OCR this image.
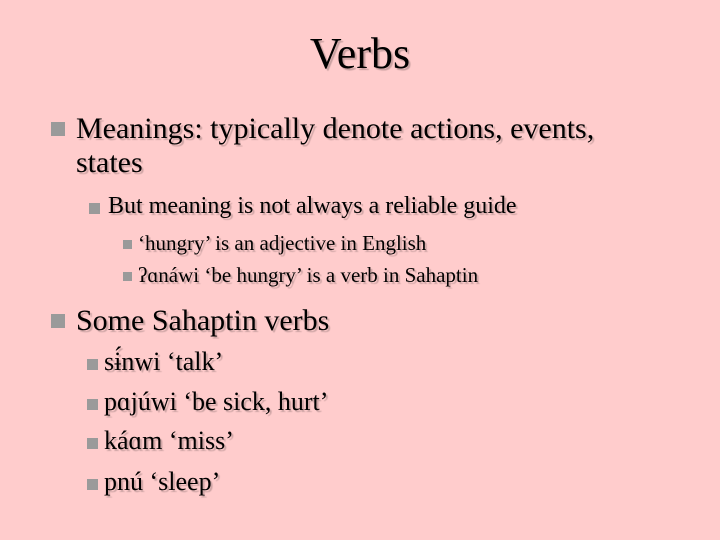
Verbs
Meanings: typically denote actions, events,
states
But meaning is not always a reliable guide
‘hungry’ is an adjective in English
ʔɑnáwi ‘be hungry’ is a verb in Sahaptin
Some Sahaptin verbs
sɨ́nwi ‘talk’
pɑjúwi ‘be sick, hurt’
káɑm ‘miss’
pnú ‘sleep’
